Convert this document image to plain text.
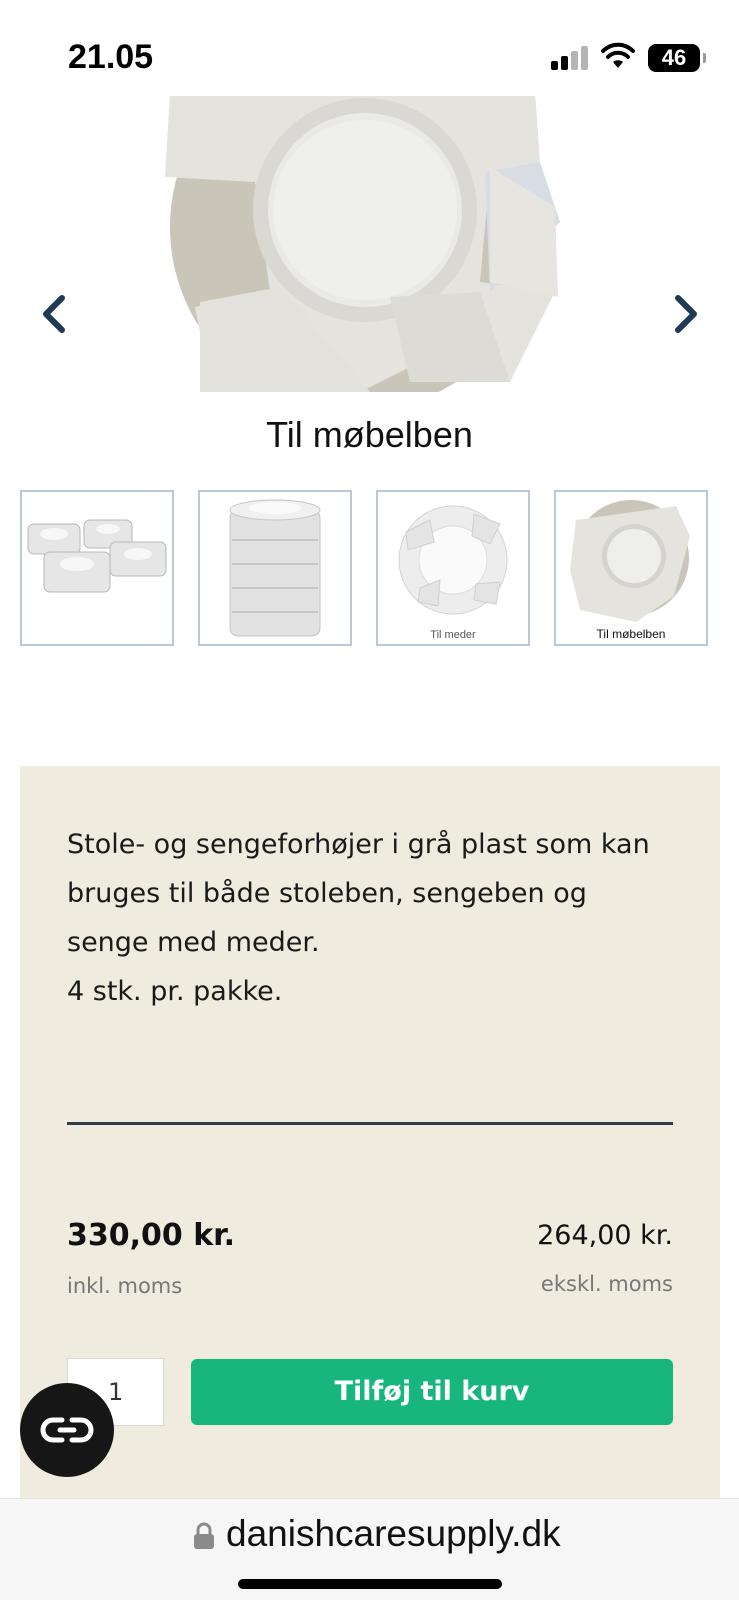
21.05	46
Til møbelben
Til meder	Til møbelben
Stole- og sengeforhøjer i grå plast som kan
bruges til både stoleben, sengeben og
senge med meder.
4 stk. pr. pakke.
330,00 kr.
inkl. moms
264,00 kr.
ekskl. moms
1	Tilføj til kurv
danishcaresupply.dk
